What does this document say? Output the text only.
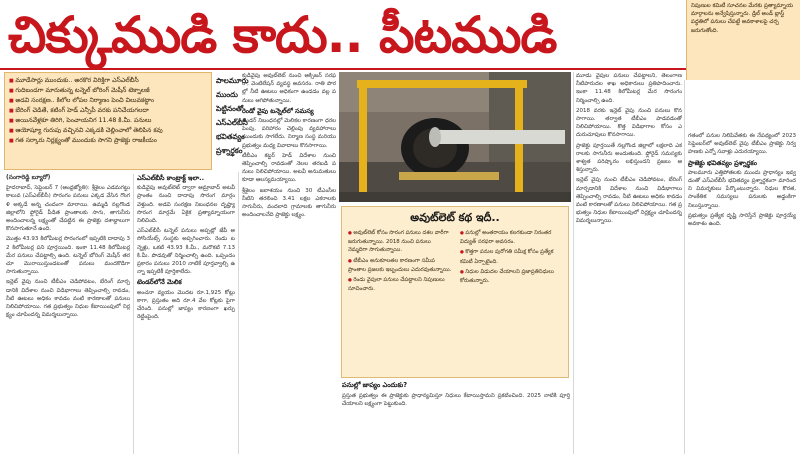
చిక్కుముడి కాదు.. పీటముడి
■ మూడేసార్లు ముందుకు.. అరకొర విరిక్తిగా ఎస్ఎల్‌బీసీ
■ గుదిబండగా మారుతున్న టన్నెల్ బోరింగ్ మెషీన్ టెక్నాలజీ
■ అడవి సంరక్షణ.. కిలోల లోపల నిర్మాణం పెంచి విలువకట్టాం
■ బేరింగ్ చెడితే, కటింగ్ హెడ్ ఎన్సీపీ వరకు పనిచేయగలదా
■ అయినవేళ్లకూ తిరిగి, పెంచాయనిగ 11.48 కి.మీ. పనులు
■ ఆయోష్యూ గురుపు వచ్చినవి ఎక్కడకి చెల్లించాలో తెలిపిన కవు
■ గత సర్కారు నిర్లక్ష్యంతో ముందుకు సాగని ప్రాజెక్టు రాజకీయం
పాలమూరు
ముందు
పెట్టినంతో
ఎస్ఎల్‌బీసీ
భవితవ్యం
ప్రశ్నార్థకం
(సంగారెడ్డి బ్యూరో)

హైదరాబాద్, సెప్టెంబర్ 7 (ఆంధ్రజ్యోతి): శ్రీశైలం ఎడమగట్టు కాలువ (ఎస్ఎల్‌బీసీ) సొరంగం పనులు ఎక్కడ వేసిన గొంగళి అక్కడే అన్న చందంగా మారాయి. ఉమ్మడి నల్లగొండ జిల్లాలోని ఫ్లోరైడ్ పీడిత ప్రాంతాలకు సాగు, తాగునీరు అందించాలన్న లక్ష్యంతో చేపట్టిన ఈ ప్రాజెక్టు దశాబ్దాలుగా కొనసాగుతూనే ఉంది.

మొత్తం 43.93 కిలోమీటర్ల సొరంగంలో ఇప్పటికి దాదాపు 32 కిలోమీటర్ల పని పూర్తయింది. ఇంకా 11.48 కిలోమీటర్ల మేర పనులు చేపట్టాల్సి ఉంది. టన్నెల్ బోరింగ్ మెషీన్ తరచూ మొరాయిస్తుండటంతో పనులు మందకొడిగా సాగుతున్నాయి.

ఇన్లెట్ వైపు నుంచి టీబీఎం చెడిపోవటం, బేరింగ్ మార్చడానికి విదేశాల నుంచి విడిభాగాలు తెప్పించాల్సి రావడం, నీటి ఊటలు అధికం కావడం వంటి కారణాలతో పనులు నిలిచిపోయాయి. గత ప్రభుత్వం నిధుల కేటాయింపులో నిర్లక్ష్యం చూపిందన్న విమర్శలున్నాయి.

ఎస్ఎల్‌బీసీ కాంట్రాక్ట్ ఇలా..

కుడివైపు అవుట్‌లెట్ ద్వారా ఆమ్రాబాద్ అటవీ ప్రాంతం నుంచి దాదాపు సొరంగ మార్గం వెళ్తుంది. అడవి సంరక్షణ నిబంధనల దృష్ట్యా సొరంగ మార్గమే ఏకైక ప్రత్యామ్నాయంగా నిలిచింది.

ఎస్ఎల్‌బీసీ టన్నెల్ పనులు అప్పట్లో జేపీ అసోసియేట్స్ సంస్థకు అప్పగించారు. రెండు టన్నెళ్లు, ఒకటి 43.93 కి.మీ., మరొకటి 7.13 కి.మీ. పొడవుతో నిర్మించాల్సి ఉంది. ఒప్పందం ప్రకారం పనులు 2010 నాటికే పూర్తవ్వాల్సి ఉన్నా ఇప్పటికీ పూర్తికాలేదు.

టెండర్‌లోనే మెలిక

అంచనా వ్యయం మొదట రూ.1,925 కోట్లు కాగా, ప్రస్తుతం అది రూ.4 వేల కోట్లకు పైగా చేరింది. పనుల్లో జాప్యం కారణంగా ఖర్చు రెట్టింపైంది.

కుడివైపు అవుట్‌లెట్ నుంచి ఆక్సిజన్ సరఫరా, వెంటిలేషన్ వ్యవస్థ అవసరం. రాతి పొరల్లో నీటి ఊటలు అధికంగా ఉండడం వల్ల పనులు ఆగిపోతున్నాయి.

రెండో వైపు టన్నెల్‌లో సమస్య

టెండర్ నిబంధనల్లో మెలికల కారణంగా ధరల పెంపు, పరిహారం చెల్లింపు వ్యవహారాలు ముందుకు సాగలేదు. నిర్మాణ సంస్థ మరియు ప్రభుత్వం మధ్య వివాదాలు కొనసాగాయి.

టీబీఎం కట్టర్ హెడ్ విదేశాల నుంచి తెప్పించాల్సి రావడంతో నెలల తరబడి పనులు నిలిచిపోయాయి. అటవీ అనుమతులు కూడా ఆలస్యమయ్యాయి.

శ్రీశైలం జలాశయం నుంచి 30 టీఎంసీల నీటిని తరలించి 3.41 లక్షల ఎకరాలకు సాగునీరు, వందలాది గ్రామాలకు తాగునీరు అందించాలనేది ప్రాజెక్టు లక్ష్యం.	అవుట్‌లెట్ కథ ఇదీ..

● అవుట్‌లెట్ కోసం సొరంగ పనులు దశల వారీగా జరుగుతున్నాయి. 2018 నుంచి పనులు నెమ్మదిగా సాగుతున్నాయి.

● టీబీఎం అనుకూలతల కారణంగా సమీప ప్రాంతాల ప్రజలకు ఇబ్బందులు ఎదురవుతున్నాయి.

● రెండు వైపులా పనులు చేపట్టాలని నిపుణులు సూచించారు.

● పనుల్లో అంతరాయం కలగకుండా నిరంతర విద్యుత్ సరఫరా అవసరం.

● కొత్తగా పనుల పురోగతి సమీక్ష కోసం ప్రత్యేక కమిటీ ఏర్పాటైంది.

● నిధుల విడుదల చేయాలని ప్రజాప్రతినిధులు కోరుతున్నారు.

పనుల్లో జాప్యం ఎందుకు?

ప్రస్తుత ప్రభుత్వం ఈ ప్రాజెక్టుకు ప్రాధాన్యమిస్తూ నిధులు కేటాయిస్తామని ప్రకటించింది. 2025 నాటికి పూర్తి చేయాలని లక్ష్యంగా పెట్టుకుంది.

మూడు వైపుల పనులు చేపట్టాలని, తెలంగాణ నీటిపారుదల శాఖ అధికారులు ప్రతిపాదించారు. ఇంకా 11.48 కిలోమీటర్ల మేర సొరంగం నిర్మించాల్సి ఉంది.

2018 వరకు ఇన్లెట్ వైపు నుంచి పనులు కొనసాగాయి. తర్వాత టీబీఎం పాడవడంతో నిలిచిపోయాయి. కొత్త విడిభాగాల కోసం ఎదురుచూపులు కొనసాగాయి.

ప్రాజెక్టు పూర్తయితే నల్లగొండ జిల్లాలో లక్షలాది ఎకరాలకు సాగునీరు అందుతుంది. ఫ్లోరైడ్ సమస్యకు శాశ్వత పరిష్కారం లభిస్తుందని ప్రజలు ఆశిస్తున్నారు.

ఇన్లెట్ వైపు నుంచి టీబీఎం చెడిపోవటం, బేరింగ్ మార్చడానికి విదేశాల నుంచి విడిభాగాలు తెప్పించాల్సి రావడం, నీటి ఊటలు అధికం కావడం వంటి కారణాలతో పనులు నిలిచిపోయాయి. గత ప్రభుత్వం నిధుల కేటాయింపులో నిర్లక్ష్యం చూపిందన్న విమర్శలున్నాయి.

నిపుణుల కమిటీ సూచనల మేరకు ప్రత్యామ్నాయ మార్గాలను అన్వేషిస్తున్నారు. డ్రిల్ అండ్ బ్లాస్ట్ పద్ధతిలో పనులు చేపట్టే అవకాశాలపై చర్చ జరుగుతోంది.

గతంలో పనుల నిలిపివేతకు ఈ నేపథ్యంలో 2023 సెప్టెంబర్‌లో అవుట్‌లెట్ వైపు టీబీఎం ప్రాజెక్టు నిర్వహణకు ఎన్నో సవాళ్లు ఎదురయ్యాయి.

ప్రాజెక్టు భవితవ్యం ప్రశ్నార్థకం

పాలమూరు ఎత్తిపోతలకు ముందు ప్రాధాన్యం ఇవ్వడంతో ఎస్ఎల్‌బీసీ భవితవ్యం ప్రశ్నార్థకంగా మారిందని విమర్శకులు పేర్కొంటున్నారు. నిధుల కొరత, సాంకేతిక సమస్యలు పనులకు అడ్డంకిగా నిలుస్తున్నాయి.

ప్రభుత్వం ప్రత్యేక దృష్టి సారిస్తేనే ప్రాజెక్టు పూర్తయ్యే అవకాశం ఉంది.
